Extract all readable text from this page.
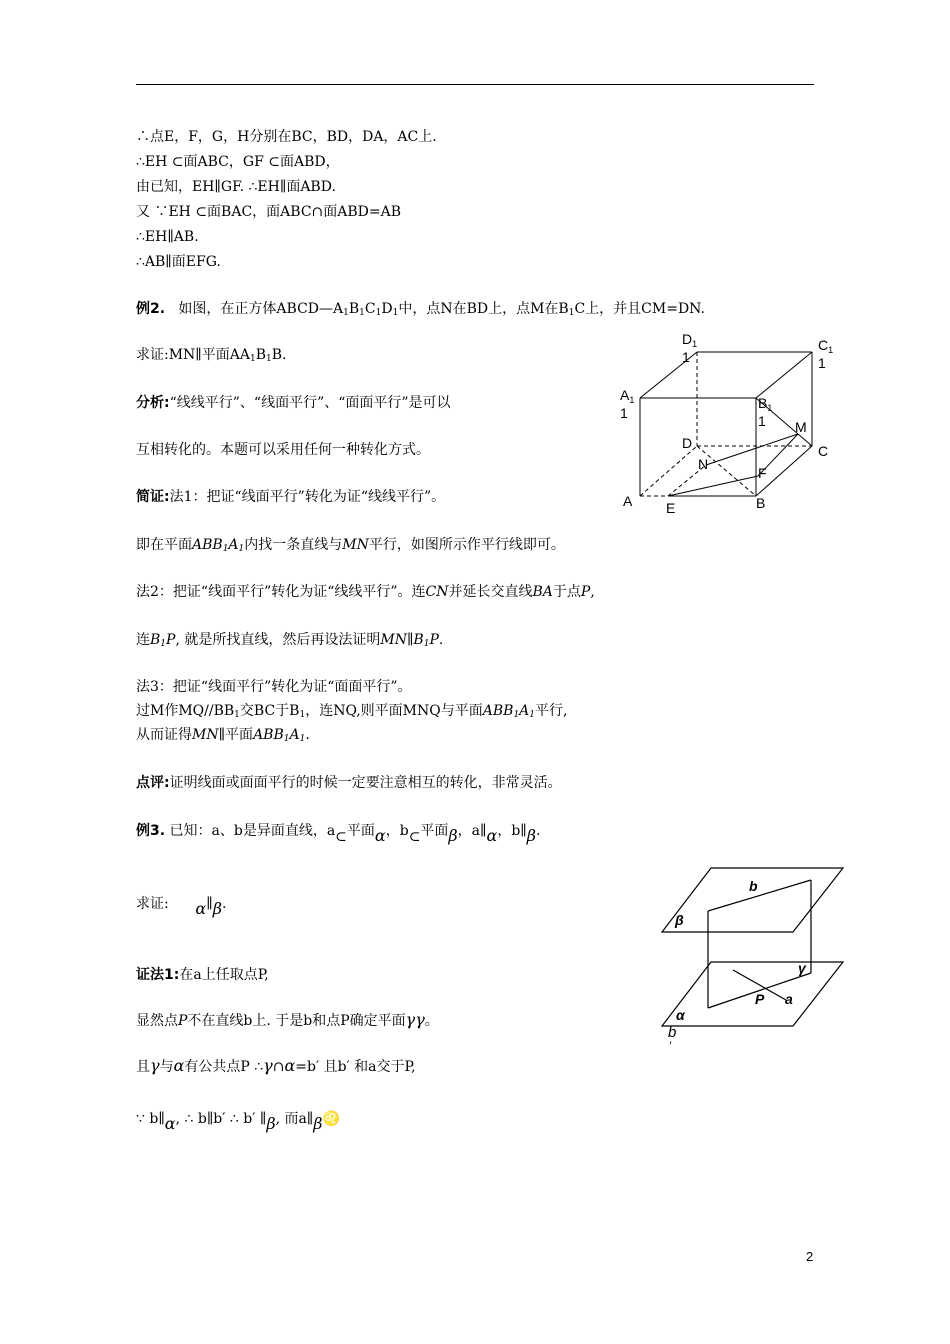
∴点E，F，G，H分别在BC，BD，DA，AC上.
∴EH ⊂面ABC，GF ⊂面ABD，
由已知，EH∥GF. ∴EH∥面ABD.
又 ∵EH ⊂面BAC，面ABC∩面ABD=AB
∴EH∥AB.
∴AB∥面EFG.
例2. 如图，在正方体$ABCD—A_1B_1C_1D_1$中，点N在BD上，点M在$B_1C$上，并且CM=DN.
求证:MN∥平面$AA_1B_1B$.
分析:“线线平行”、“线面平行”、“面面平行”是可以
互相转化的。本题可以采用任何一种转化方式。
简证:法1：把证“线面平行”转化为证“线线平行”。
即在平面$ABB_1A_1$内找一条直线与MN平行，如图所示作平行线即可。
法2：把证“线面平行”转化为证“线线平行”。连CN并延长交直线BA于点P,
连$B_1P$, 就是所找直线，然后再设法证明$MN\parallel B_1P$.
法3：把证“线面平行”转化为证“面面平行”。
过M作$MQ//BB_1$交BC于$B_1$，连NQ,则平面MNQ与平面$ABB_1A_1$平行,
从而证得MN∥平面$ABB_1A_1$.
点评:证明线面或面面平行的时候一定要注意相互的转化，非常灵活。
$D_1$
1
$C_1$
1
$A_1$
1
$B_1$
1 M
D
N
C
F
A E	B
例3. 已知：a、b是异面直线，a⊂平面α，b⊂平面β，a∥α，b∥β.
求证: α∥β.
证法1:在a上任取点P,
显然点P不在直线b上. 于是b和点P确定平面γγ。
且γ与α有公共点P ∴γ∩α=b′ 且b′ 和a交于P,
∵ b∥α, ∴ b∥b′ ∴ b′ ∥β, 而a∥β♌
b
β
γ
P a
α
b
′
2
